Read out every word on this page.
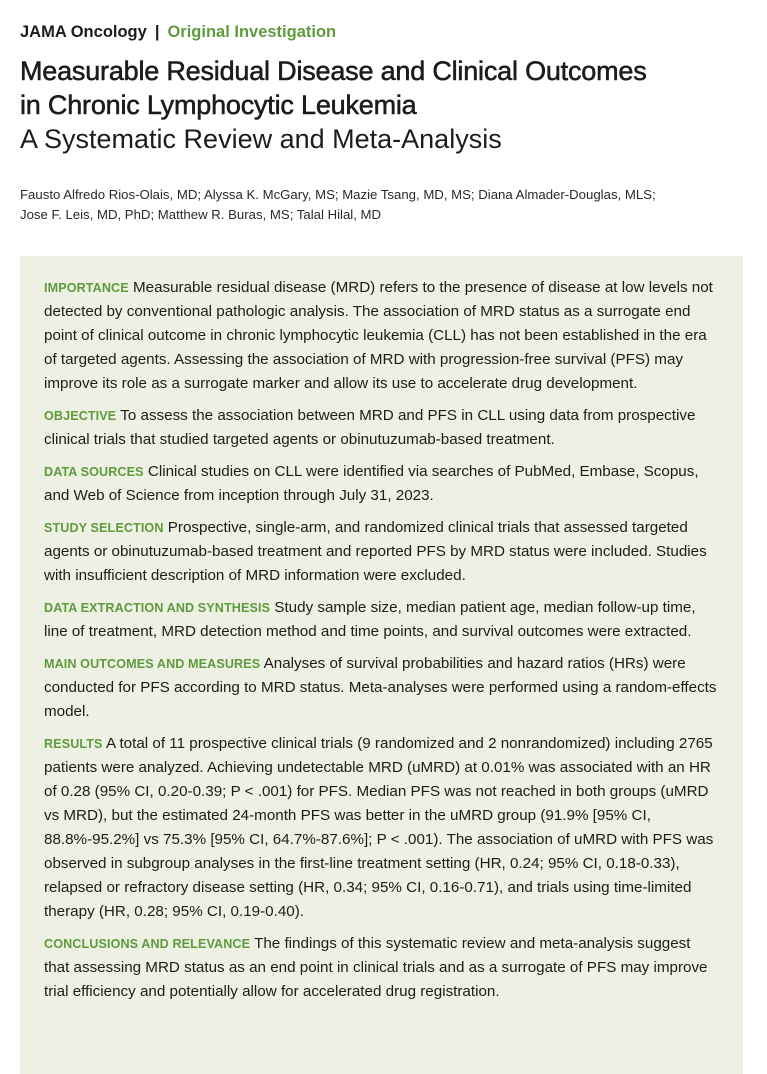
JAMA Oncology | Original Investigation
Measurable Residual Disease and Clinical Outcomes
in Chronic Lymphocytic Leukemia
A Systematic Review and Meta-Analysis
Fausto Alfredo Rios-Olais, MD; Alyssa K. McGary, MS; Mazie Tsang, MD, MS; Diana Almader-Douglas, MLS;
Jose F. Leis, MD, PhD; Matthew R. Buras, MS; Talal Hilal, MD

IMPORTANCE Measurable residual disease (MRD) refers to the presence of disease at low levels not detected by conventional pathologic analysis. The association of MRD status as a surrogate end point of clinical outcome in chronic lymphocytic leukemia (CLL) has not been established in the era of targeted agents. Assessing the association of MRD with progression-free survival (PFS) may improve its role as a surrogate marker and allow its use to accelerate drug development.

OBJECTIVE To assess the association between MRD and PFS in CLL using data from prospective clinical trials that studied targeted agents or obinutuzumab-based treatment.

DATA SOURCES Clinical studies on CLL were identified via searches of PubMed, Embase, Scopus, and Web of Science from inception through July 31, 2023.

STUDY SELECTION Prospective, single-arm, and randomized clinical trials that assessed targeted agents or obinutuzumab-based treatment and reported PFS by MRD status were included. Studies with insufficient description of MRD information were excluded.

DATA EXTRACTION AND SYNTHESIS Study sample size, median patient age, median follow-up time, line of treatment, MRD detection method and time points, and survival outcomes were extracted.

MAIN OUTCOMES AND MEASURES Analyses of survival probabilities and hazard ratios (HRs) were conducted for PFS according to MRD status. Meta-analyses were performed using a random-effects model.

RESULTS A total of 11 prospective clinical trials (9 randomized and 2 nonrandomized) including 2765 patients were analyzed. Achieving undetectable MRD (uMRD) at 0.01% was associated with an HR of 0.28 (95% CI, 0.20-0.39; P < .001) for PFS. Median PFS was not reached in both groups (uMRD vs MRD), but the estimated 24-month PFS was better in the uMRD group (91.9% [95% CI, 88.8%-95.2%] vs 75.3% [95% CI, 64.7%-87.6%]; P < .001). The association of uMRD with PFS was observed in subgroup analyses in the first-line treatment setting (HR, 0.24; 95% CI, 0.18-0.33), relapsed or refractory disease setting (HR, 0.34; 95% CI, 0.16-0.71), and trials using time-limited therapy (HR, 0.28; 95% CI, 0.19-0.40).

CONCLUSIONS AND RELEVANCE The findings of this systematic review and meta-analysis suggest that assessing MRD status as an end point in clinical trials and as a surrogate of PFS may improve trial efficiency and potentially allow for accelerated drug registration.
